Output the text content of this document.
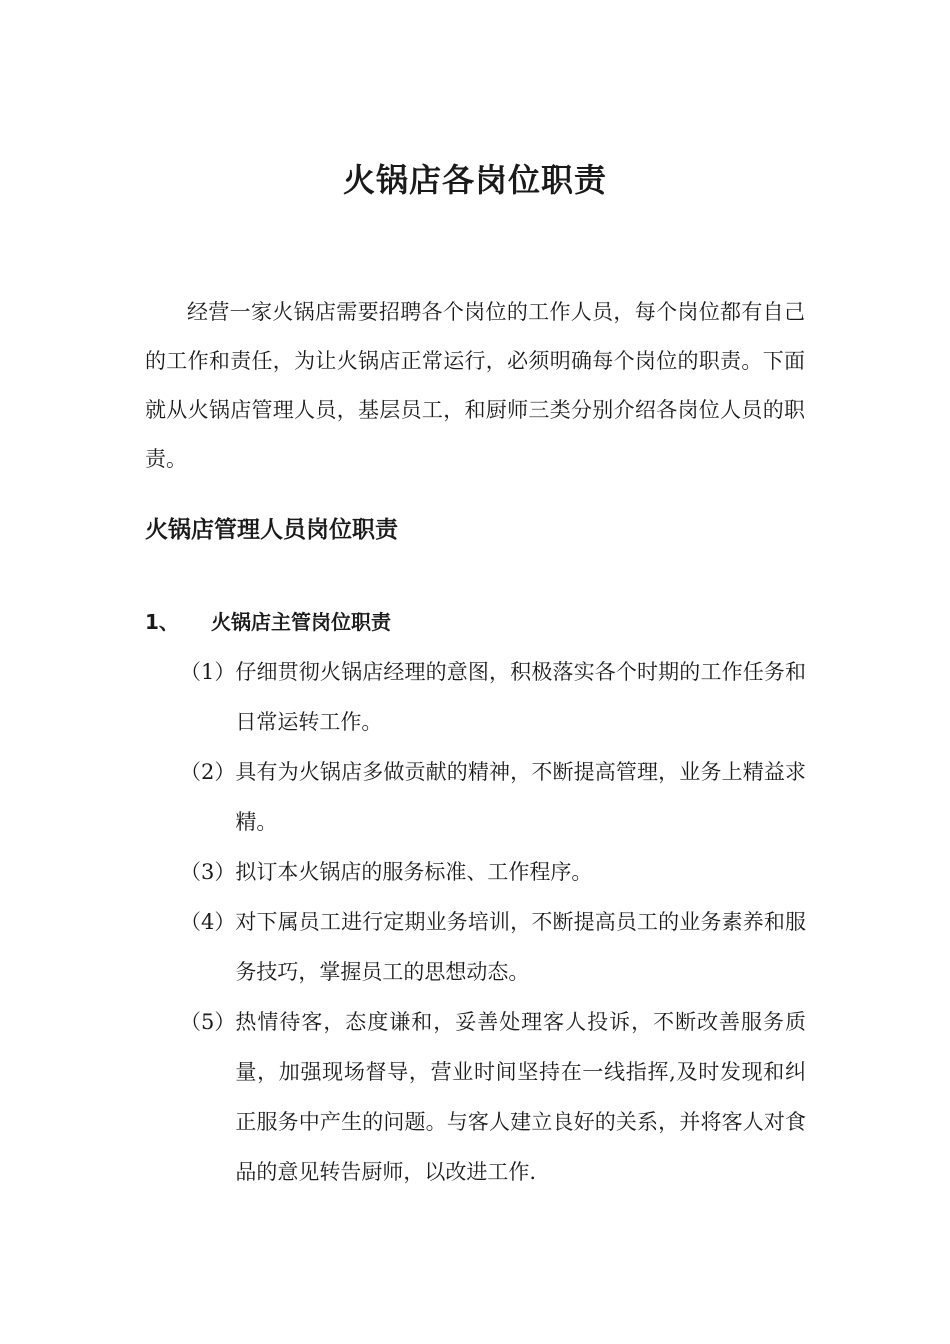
火锅店各岗位职责

经营一家火锅店需要招聘各个岗位的工作人员，每个岗位都有自己的工作和责任，为让火锅店正常运行，必须明确每个岗位的职责。下面就从火锅店管理人员，基层员工，和厨师三类分别介绍各岗位人员的职责。

火锅店管理人员岗位职责
1、 火锅店主管岗位职责
（1） 仔细贯彻火锅店经理的意图，积极落实各个时期的工作任务和日常运转工作。
（2） 具有为火锅店多做贡献的精神，不断提高管理，业务上精益求精。
（3） 拟订本火锅店的服务标准、工作程序。
（4） 对下属员工进行定期业务培训，不断提高员工的业务素养和服务技巧，掌握员工的思想动态。
（5） 热情待客，态度谦和，妥善处理客人投诉，不断改善服务质量，加强现场督导，营业时间坚持在一线指挥,及时发现和纠正服务中产生的问题。与客人建立良好的关系，并将客人对食品的意见转告厨师，以改进工作.
